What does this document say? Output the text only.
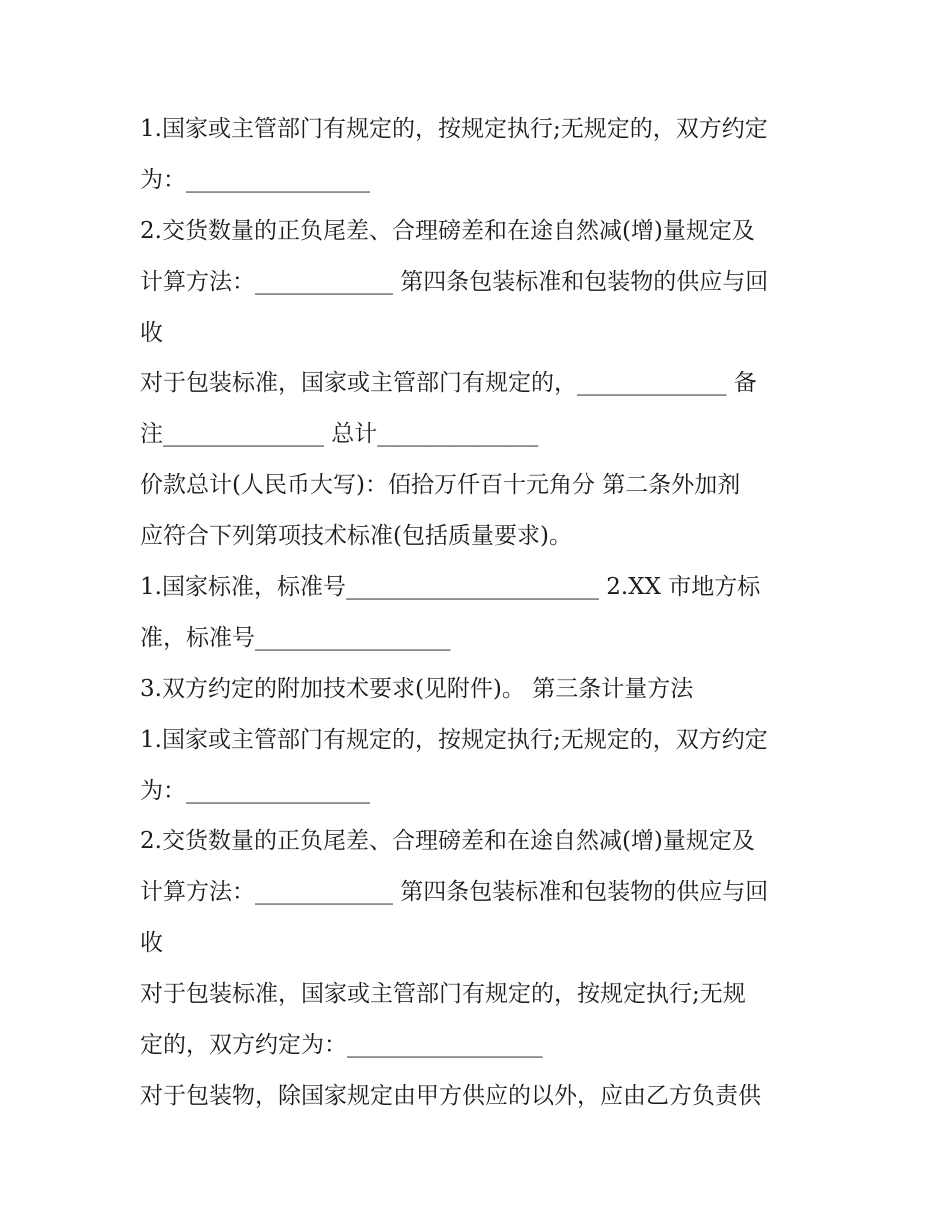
1.国家或主管部门有规定的，按规定执行;无规定的，双方约定
为：________________
2.交货数量的正负尾差、合理磅差和在途自然减(增)量规定及
计算方法：____________ 第四条包装标准和包装物的供应与回
收
对于包装标准，国家或主管部门有规定的，_____________ 备
注______________ 总计______________
价款总计(人民币大写)：佰拾万仟百十元角分 第二条外加剂
应符合下列第项技术标准(包括质量要求)。
1.国家标准，标准号______________________ 2.XX 市地方标
准，标准号_________________
3.双方约定的附加技术要求(见附件)。 第三条计量方法
1.国家或主管部门有规定的，按规定执行;无规定的，双方约定
为：________________
2.交货数量的正负尾差、合理磅差和在途自然减(增)量规定及
计算方法：____________ 第四条包装标准和包装物的供应与回
收
对于包装标准，国家或主管部门有规定的，按规定执行;无规
定的，双方约定为：_________________
对于包装物，除国家规定由甲方供应的以外，应由乙方负责供
